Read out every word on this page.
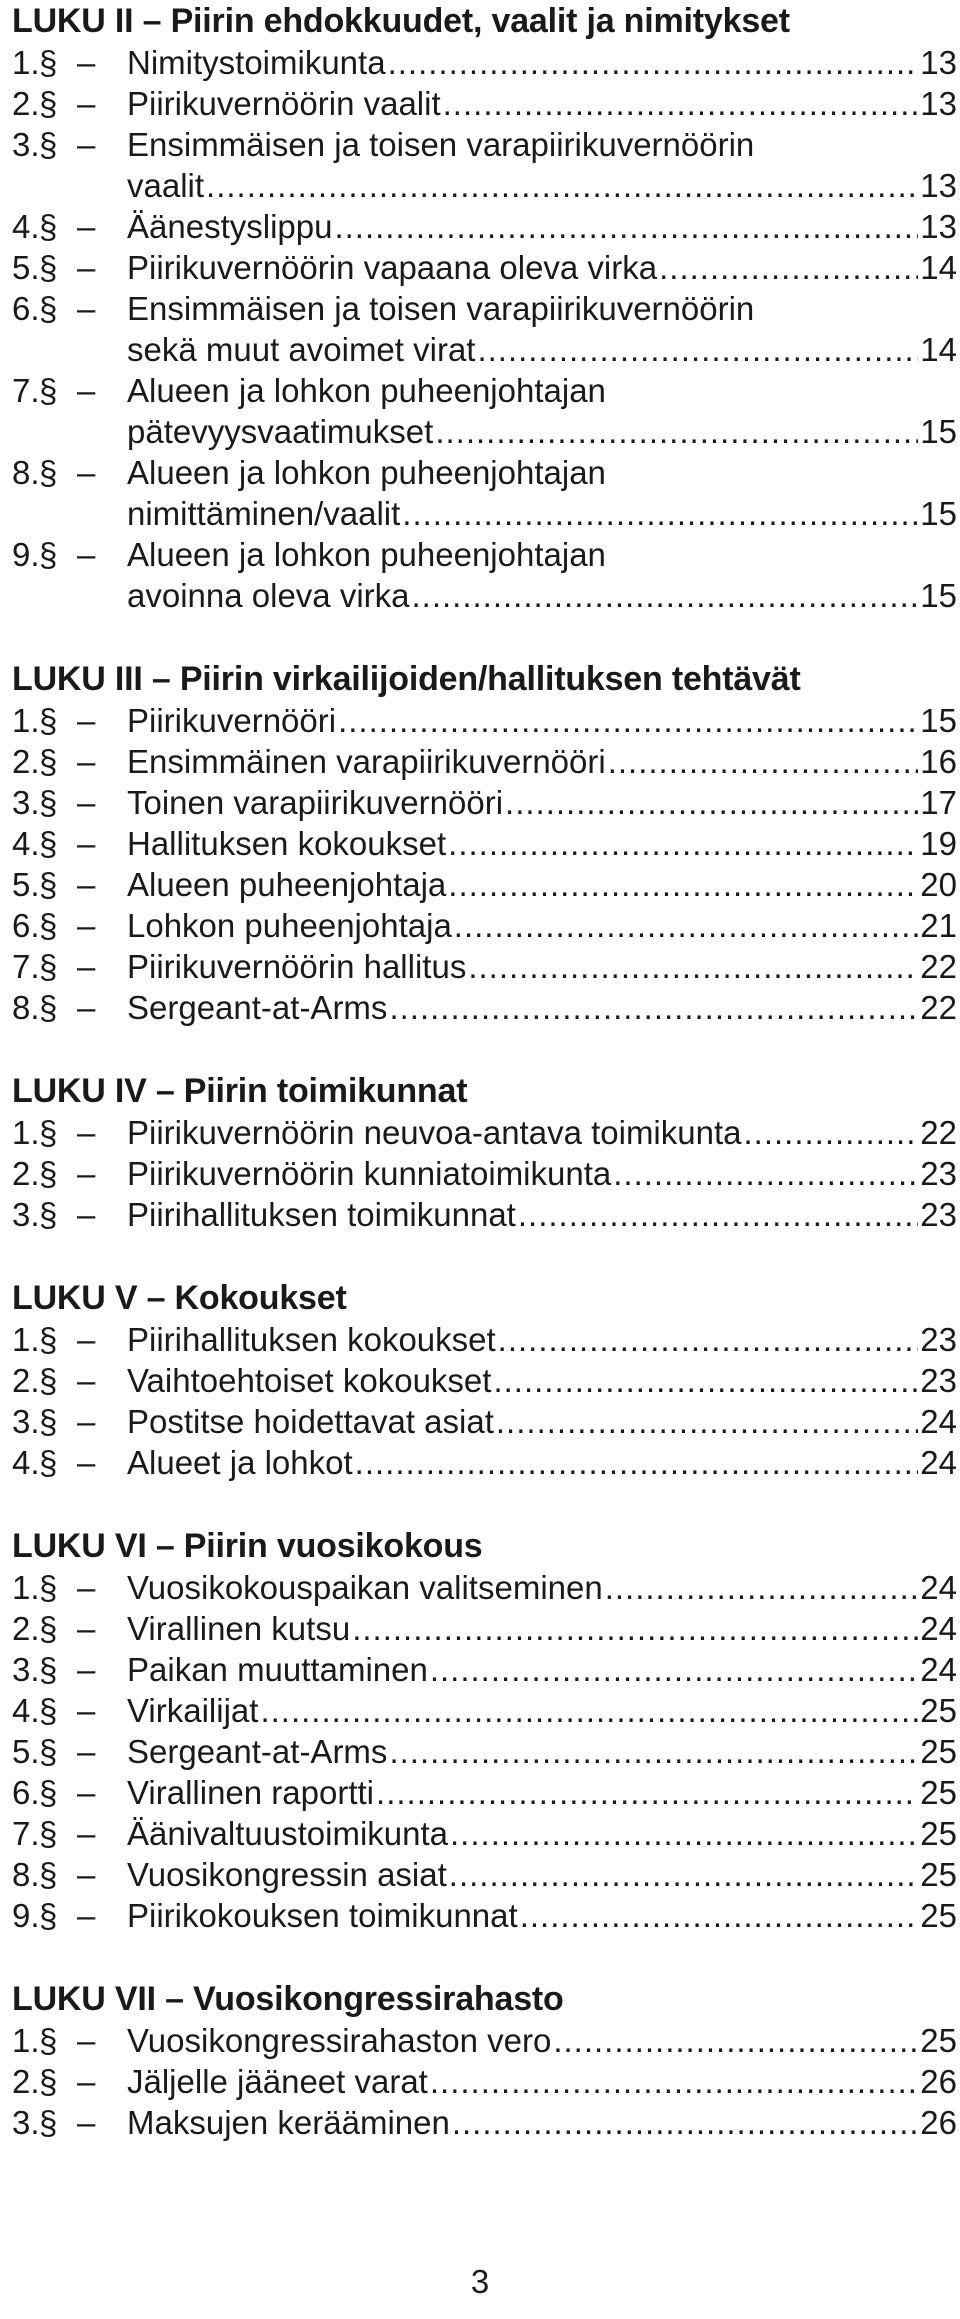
LUKU II – Piirin ehdokkuudet, vaalit ja nimitykset
1. § – Nimitystoimikunta .....	13
2. § – Piirikuvernöörin vaalit .....	13
3. § – Ensimmäisen ja toisen varapiirikuvernöörin
vaalit .....	13
4. § – Äänestyslippu .....	13
5. § – Piirikuvernöörin vapaana oleva virka .....	14
6. § – Ensimmäisen ja toisen varapiirikuvernöörin
sekä muut avoimet virat .....	14
7. § – Alueen ja lohkon puheenjohtajan
pätevyysvaatimukset .....	15
8. § – Alueen ja lohkon puheenjohtajan
nimittäminen/vaalit .....	15
9. § – Alueen ja lohkon puheenjohtajan
avoinna oleva virka .....	15
LUKU III – Piirin virkailijoiden/hallituksen tehtävät
1. § – Piirikuvernööri .....	15
2. § – Ensimmäinen varapiirikuvernööri .....	16
3. § – Toinen varapiirikuvernööri .....	17
4. § – Hallituksen kokoukset .....	19
5. § – Alueen puheenjohtaja .....	20
6. § – Lohkon puheenjohtaja .....	21
7. § – Piirikuvernöörin hallitus .....	22
8. § – Sergeant-at-Arms .....	22
LUKU IV – Piirin toimikunnat
1. § – Piirikuvernöörin neuvoa-antava toimikunta .....	22
2. § – Piirikuvernöörin kunniatoimikunta .....	23
3. § – Piirihallituksen toimikunnat .....	23
LUKU V – Kokoukset
1. § – Piirihallituksen kokoukset .....	23
2. § – Vaihtoehtoiset kokoukset .....	23
3. § – Postitse hoidettavat asiat .....	24
4. § – Alueet ja lohkot .....	24
LUKU VI – Piirin vuosikokous
1. § – Vuosikokouspaikan valitseminen .....	24
2. § – Virallinen kutsu .....	24
3. § – Paikan muuttaminen .....	24
4. § – Virkailijat .....	25
5. § – Sergeant-at-Arms .....	25
6. § – Virallinen raportti .....	25
7. § – Äänivaltuustoimikunta .....	25
8. § – Vuosikongressin asiat .....	25
9. § – Piirikokouksen toimikunnat .....	25
LUKU VII – Vuosikongressirahasto
1. § – Vuosikongressirahaston vero .....	25
2. § – Jäljelle jääneet varat .....	26
3. § – Maksujen kerääminen .....	26
3
